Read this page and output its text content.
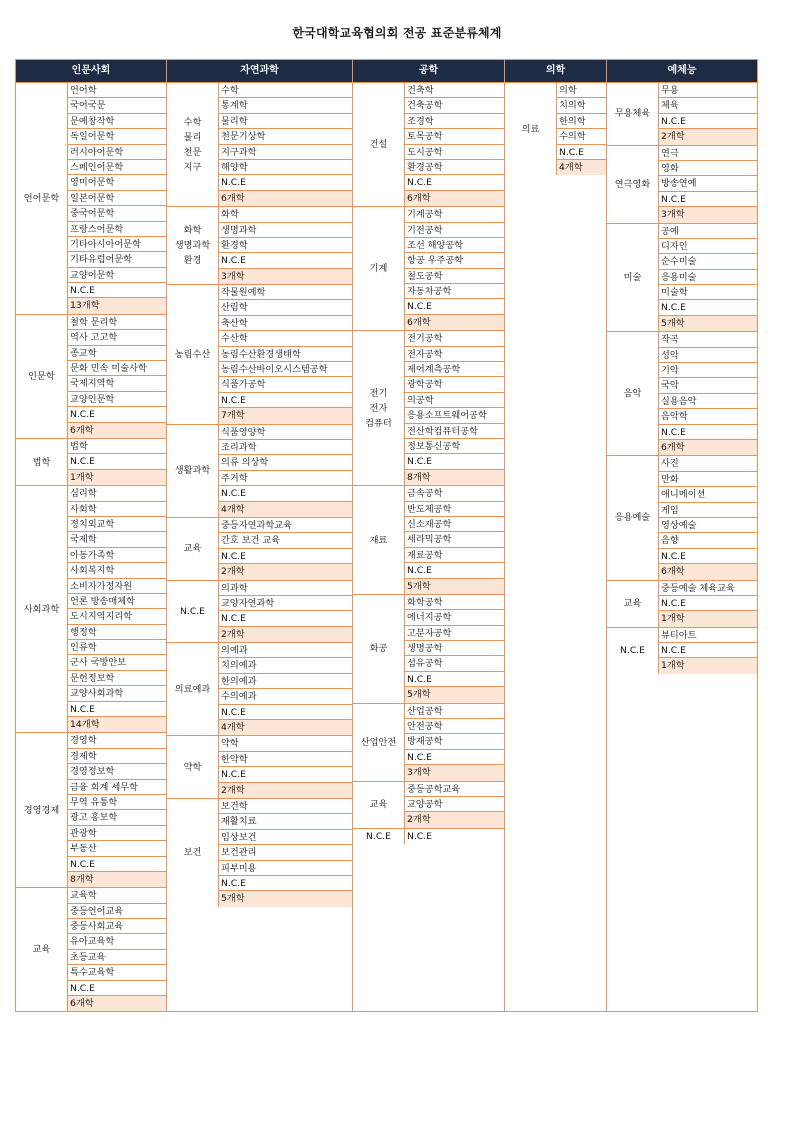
한국대학교육협의회 전공 표준분류체계
인문사회
언어문학
언어학
국어국문
문예창작학
독일어문학
러시아어문학
스페인어문학
영미어문학
일본어문학
중국어문학
프랑스어문학
기타아시아어문학
기타유럽어문학
교양어문학
N.C.E
13개학
인문학
철학 문리학
역사 고고학
종교학
문화 민속 미술사학
국제지역학
교양인문학
N.C.E
6개학
법학
법학
N.C.E
1개학
사회과학
심리학
사회학
정치외교학
국제학
아동가족학
사회복지학
소비자가정자원
언론 방송매체학
도시지역지리학
행정학
인류학
군사 국방안보
문헌정보학
교양사회과학
N.C.E
14개학
경영경제
경영학
경제학
경영정보학
금융 회계 세무학
무역 유통학
광고 홍보학
관광학
부동산
N.C.E
8개학
교육
교육학
중등언어교육
중등사회교육
유아교육학
초등교육
특수교육학
N.C.E
6개학
자연과학
수학
물리
천문
지구
수학
통계학
물리학
천문기상학
지구과학
해양학
N.C.E
6개학
화학
생명과학
환경
화학
생명과학
환경학
N.C.E
3개학
농림수산
작물원예학
산림학
축산학
수산학
농림수산환경생태학
농림수산바이오시스템공학
식품가공학
N.C.E
7개학
생활과학
식품영양학
조리과학
의류 의상학
주거학
N.C.E
4개학
교육
중등자연과학교육
간호 보건 교육
N.C.E
2개학
N.C.E
의과학
교양자연과학
N.C.E
2개학
의료예과
의예과
치의예과
한의예과
수의예과
N.C.E
4개학
약학
약학
한약학
N.C.E
2개학
보건
보건학
재활치료
임상보건
보건관리
피부미용
N.C.E
5개학
공학
건설
건축학
건축공학
조경학
토목공학
도시공학
환경공학
N.C.E
6개학
기계
기계공학
기전공학
조선 해양공학
항공 우주공학
철도공학
자동차공학
N.C.E
6개학
전기
전자
컴퓨터
전기공학
전자공학
제어계측공학
광학공학
의공학
응용소프트웨어공학
전산학컴퓨터공학
정보통신공학
N.C.E
8개학
재료
금속공학
반도체공학
신소재공학
세라믹공학
재료공학
N.C.E
5개학
화공
화학공학
에너지공학
고분자공학
생명공학
섬유공학
N.C.E
5개학
산업안전
산업공학
안전공학
방재공학
N.C.E
3개학
교육
중등공학교육
교양공학
2개학
N.C.E	N.C.E
의학
의료
의학
치의학
한의학
수의학
N.C.E
4개학
예체능
무용체육
무용
체육
N.C.E
2개학
연극영화
연극
영화
방송연예
N.C.E
3개학
미술
공예
디자인
순수미술
응용미술
미술학
N.C.E
5개학
음악
작곡
성악
기악
국악
실용음악
음악학
N.C.E
6개학
응용예술
사진
만화
애니메이션
게임
영상예술
음향
N.C.E
6개학
교육
중등예술 체육교육
N.C.E
1개학
N.C.E
뷰티아트
N.C.E
1개학
